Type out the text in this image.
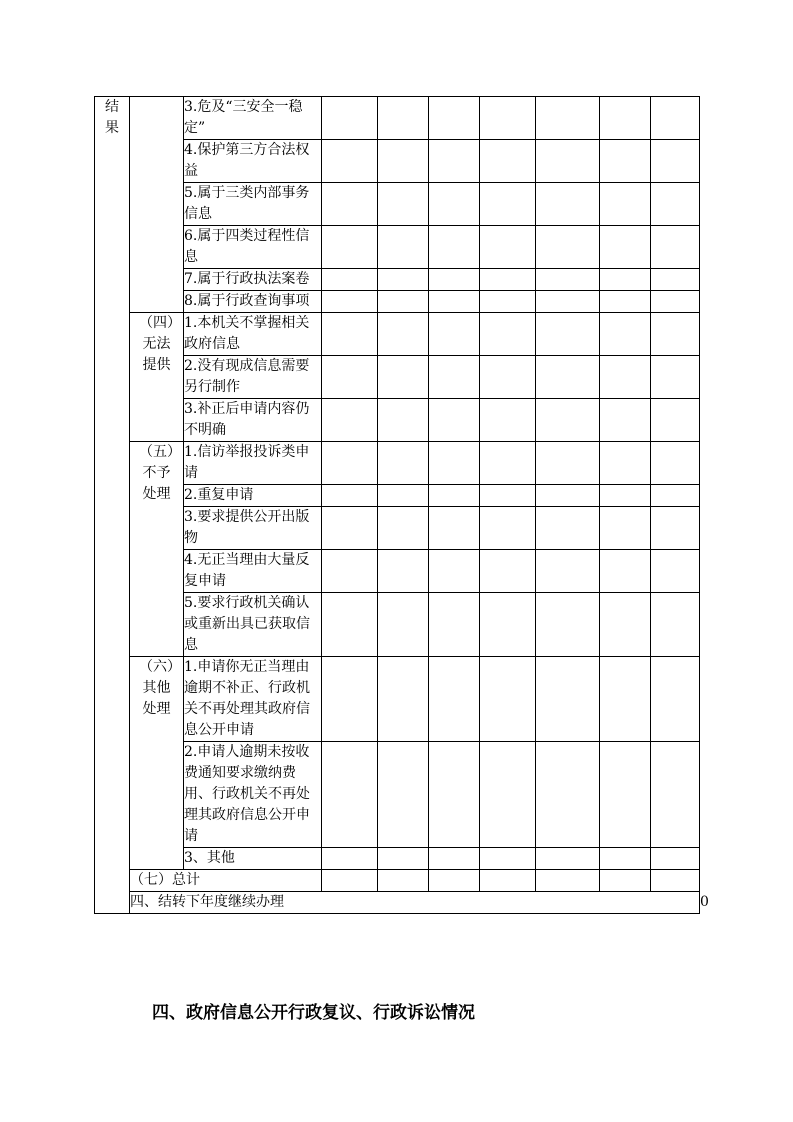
结果		3.危及“三安全一稳定”								
		4.保护第三方合法权益								
		5.属于三类内部事务信息								
		6.属于四类过程性信息								
		7.属于行政执法案卷								
		8.属于行政查询事项								
	（四）无法提供	1.本机关不掌握相关政府信息								
		2.没有现成信息需要另行制作								
		3.补正后申请内容仍不明确								
	（五）不予处理	1.信访举报投诉类申请								
		2.重复申请								
		3.要求提供公开出版物								
		4.无正当理由大量反复申请								
		5.要求行政机关确认或重新出具已获取信息								
	（六）其他处理	1.申请你无正当理由逾期不补正、行政机关不再处理其政府信息公开申请								
		2.申请人逾期未按收费通知要求缴纳费用、行政机关不再处理其政府信息公开申请								
		3、其他								
	（七）总计									
	四、结转下年度继续办理									0
四、政府信息公开行政复议、行政诉讼情况
